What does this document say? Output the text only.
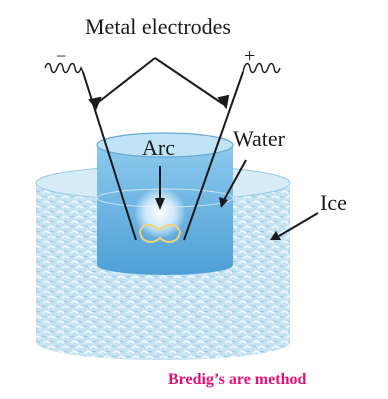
Metal electrodes
−	+
Arc	Water
Ice
Bredig’s are method
